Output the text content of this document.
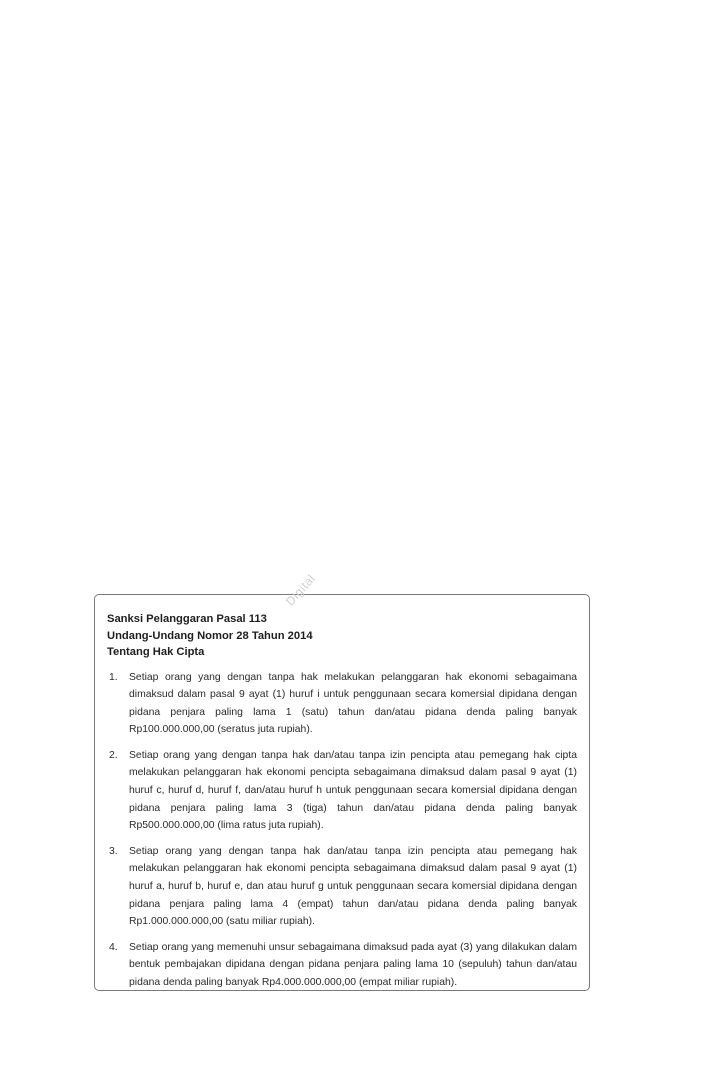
Digital

Sanksi Pelanggaran Pasal 113

Undang-Undang Nomor 28 Tahun 2014

Tentang Hak Cipta

1.	Setiap orang yang dengan tanpa hak melakukan pelanggaran hak ekonomi sebagaimana dimaksud dalam pasal 9 ayat (1) huruf i untuk penggunaan secara komersial dipidana dengan pidana penjara paling lama 1 (satu) tahun dan/atau pidana denda paling banyak Rp100.000.000,00 (seratus juta rupiah).
2.	Setiap orang yang dengan tanpa hak dan/atau tanpa izin pencipta atau pemegang hak cipta melakukan pelanggaran hak ekonomi pencipta sebagaimana dimaksud dalam pasal 9 ayat (1) huruf c, huruf d, huruf f, dan/atau huruf h untuk penggunaan secara komersial dipidana dengan pidana penjara paling lama 3 (tiga) tahun dan/atau pidana denda paling banyak Rp500.000.000,00 (lima ratus juta rupiah).
3.	Setiap orang yang dengan tanpa hak dan/atau tanpa izin pencipta atau pemegang hak melakukan pelanggaran hak ekonomi pencipta sebagaimana dimaksud dalam pasal 9 ayat (1) huruf a, huruf b, huruf e, dan atau huruf g untuk penggunaan secara komersial dipidana dengan pidana penjara paling lama 4 (empat) tahun dan/atau pidana denda paling banyak Rp1.000.000.000,00 (satu miliar rupiah).
4.	Setiap orang yang memenuhi unsur sebagaimana dimaksud pada ayat (3) yang dilakukan dalam bentuk pembajakan dipidana dengan pidana penjara paling lama 10 (sepuluh) tahun dan/atau pidana denda paling banyak Rp4.000.000.000,00 (empat miliar rupiah).
